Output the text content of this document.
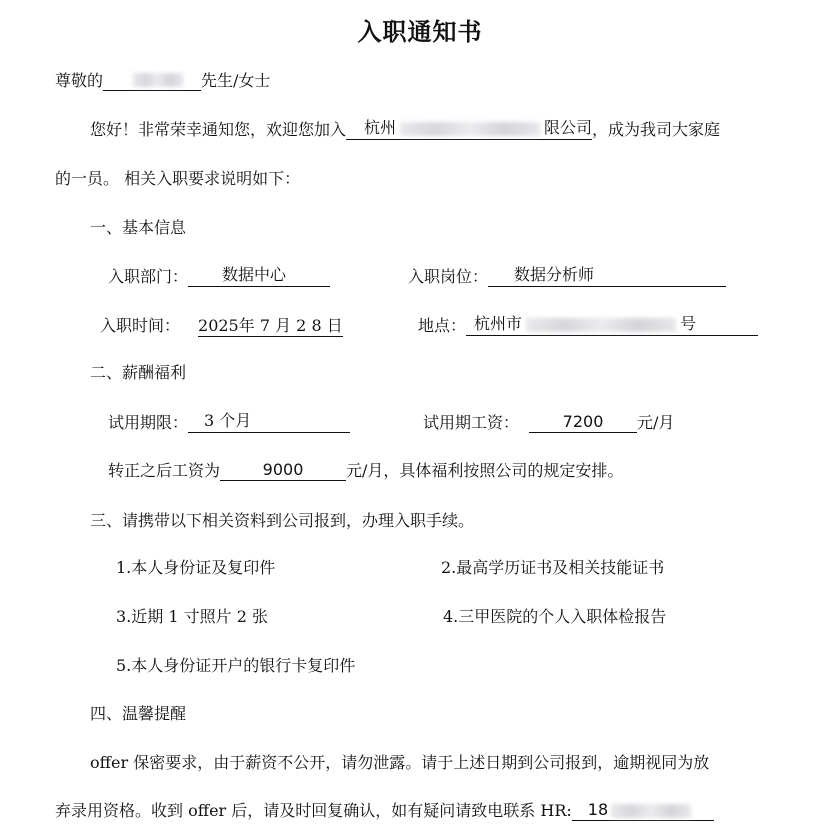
入职通知书
尊敬的	先生/女士
您好！非常荣幸通知您，欢迎您加入 杭州	限公司 ，成为我司大家庭
的一员。 相关入职要求说明如下：
一、基本信息
入职部门： 数据中心	入职岗位： 数据分析师
入职时间： 2025年 7 月 2 8 日	地点： 杭州市	号
二、薪酬福利
试用期限： 3 个月	试用期工资：	7200	元/月
转正之后工资为	9000	元/月，具体福利按照公司的规定安排。
三、请携带以下相关资料到公司报到，办理入职手续。
1.本人身份证及复印件	2.最高学历证书及相关技能证书
3.近期 1 寸照片 2 张	4.三甲医院的个人入职体检报告
5.本人身份证开户的银行卡复印件
四、温馨提醒
offer 保密要求，由于薪资不公开，请勿泄露。请于上述日期到公司报到，逾期视同为放
弃录用资格。收到 offer 后，请及时回复确认，如有疑问请致电联系 HR: 18
